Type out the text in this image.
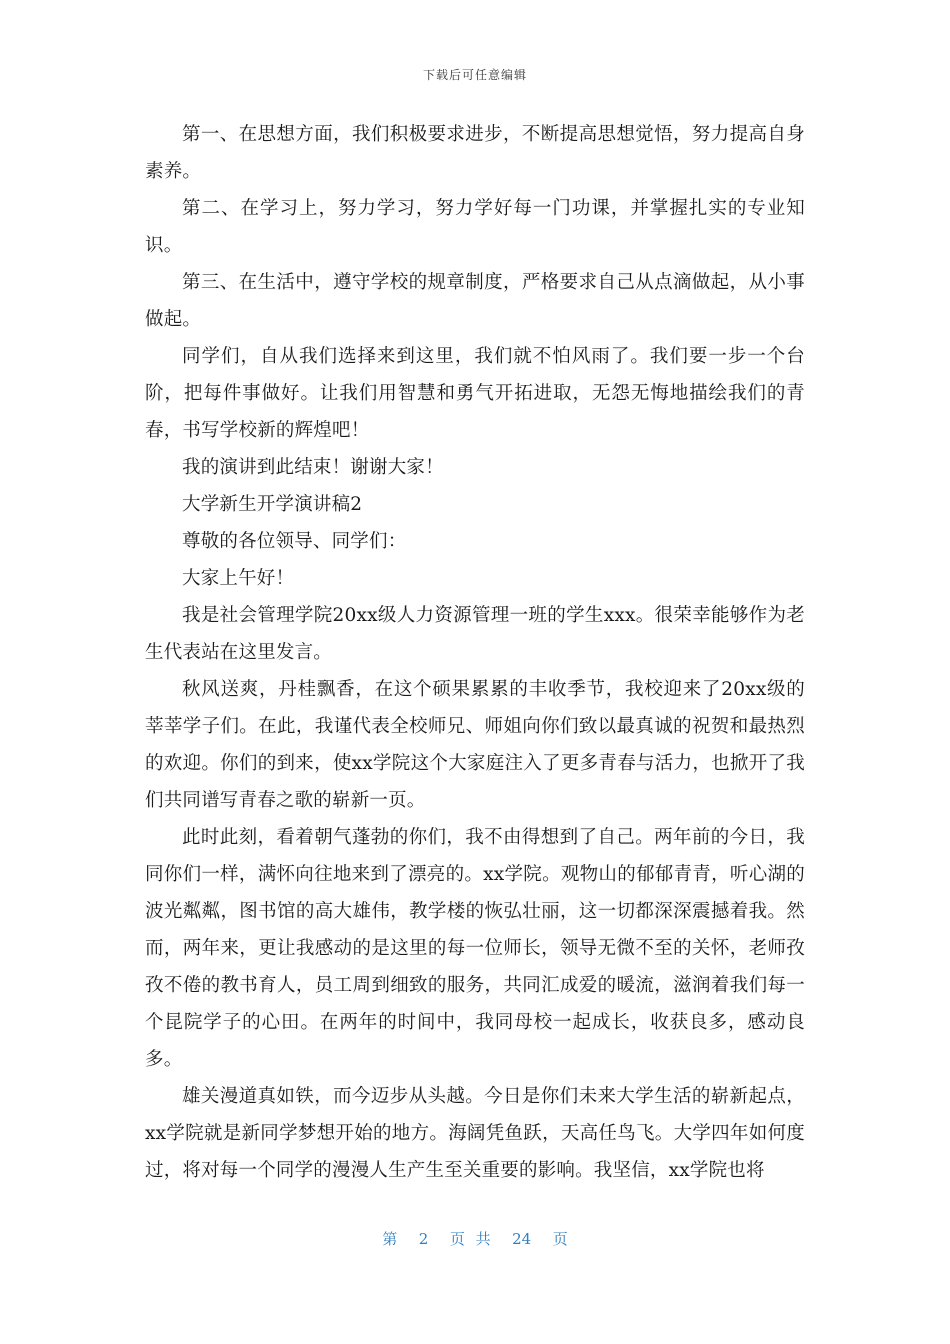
下载后可任意编辑

第一、在思想方面，我们积极要求进步，不断提高思想觉悟，努力提高自身素养。

第二、在学习上，努力学习，努力学好每一门功课，并掌握扎实的专业知识。

第三、在生活中，遵守学校的规章制度，严格要求自己从点滴做起，从小事做起。

同学们，自从我们选择来到这里，我们就不怕风雨了。我们要一步一个台阶，把每件事做好。让我们用智慧和勇气开拓进取，无怨无悔地描绘我们的青春，书写学校新的辉煌吧！

我的演讲到此结束！谢谢大家！

大学新生开学演讲稿2

尊敬的各位领导、同学们：

大家上午好！

我是社会管理学院20xx级人力资源管理一班的学生xxx。很荣幸能够作为老生代表站在这里发言。

秋风送爽，丹桂飘香，在这个硕果累累的丰收季节，我校迎来了20xx级的莘莘学子们。在此，我谨代表全校师兄、师姐向你们致以最真诚的祝贺和最热烈的欢迎。你们的到来，使xx学院这个大家庭注入了更多青春与活力，也掀开了我们共同谱写青春之歌的崭新一页。

此时此刻，看着朝气蓬勃的你们，我不由得想到了自己。两年前的今日，我同你们一样，满怀向往地来到了漂亮的。xx学院。观物山的郁郁青青，听心湖的波光粼粼，图书馆的高大雄伟，教学楼的恢弘壮丽，这一切都深深震撼着我。然而，两年来，更让我感动的是这里的每一位师长，领导无微不至的关怀，老师孜孜不倦的教书育人，员工周到细致的服务，共同汇成爱的暖流，滋润着我们每一个昆院学子的心田。在两年的时间中，我同母校一起成长，收获良多，感动良多。

雄关漫道真如铁，而今迈步从头越。今日是你们未来大学生活的崭新起点，xx学院就是新同学梦想开始的地方。海阔凭鱼跃，天高任鸟飞。大学四年如何度过，将对每一个同学的漫漫人生产生至关重要的影响。我坚信，xx学院也将

第  2  页 共  24  页
